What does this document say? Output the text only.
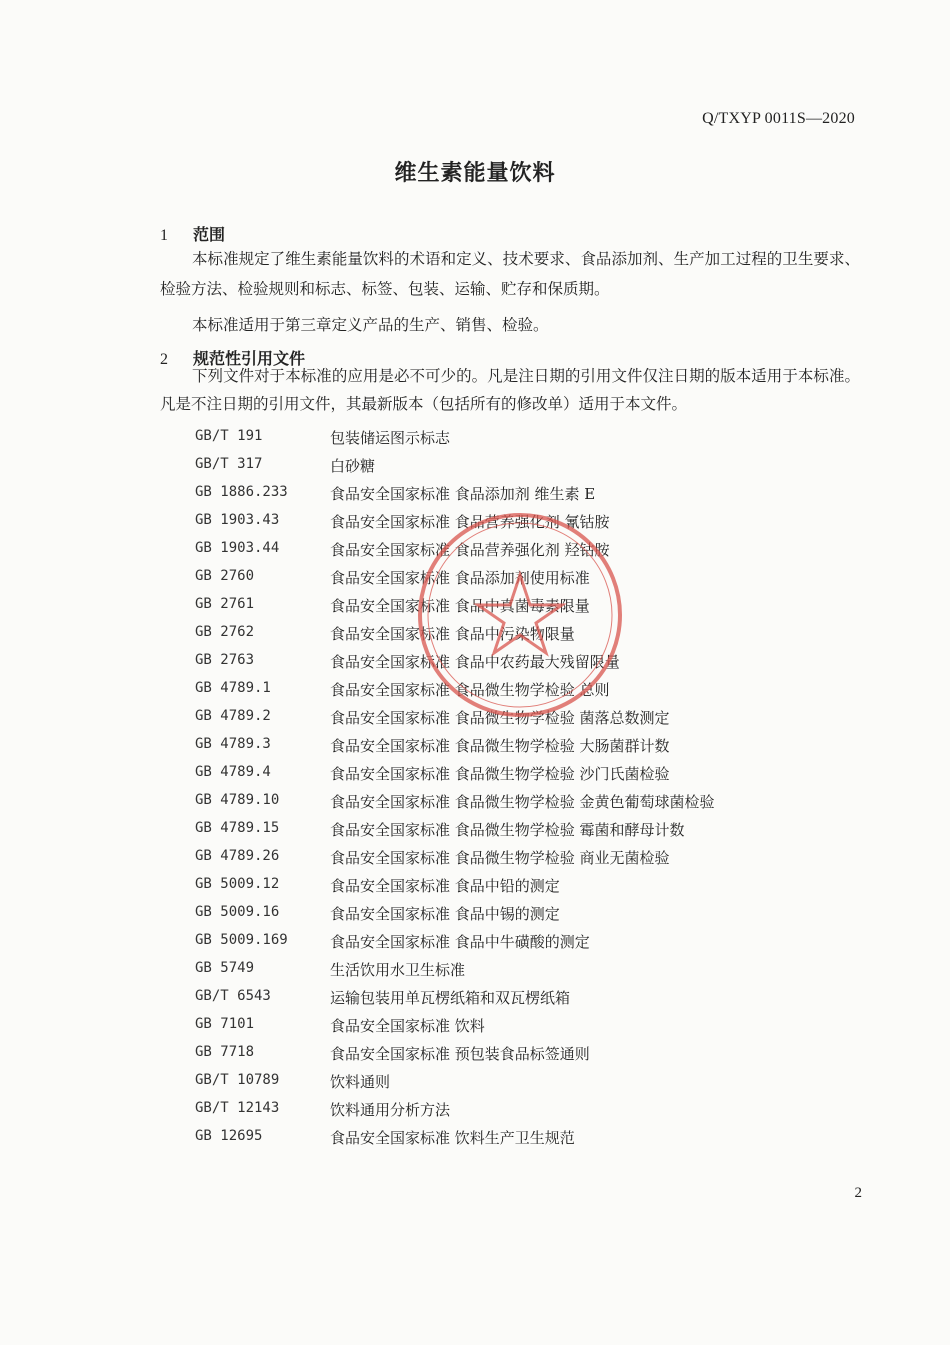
Q/TXYP 0011S—2020
维生素能量饮料
1 范围
本标准规定了维生素能量饮料的术语和定义、技术要求、食品添加剂、生产加工过程的卫生要求、检验方法、检验规则和标志、标签、包装、运输、贮存和保质期。
本标准适用于第三章定义产品的生产、销售、检验。
2 规范性引用文件
下列文件对于本标准的应用是必不可少的。凡是注日期的引用文件仅注日期的版本适用于本标准。凡是不注日期的引用文件，其最新版本（包括所有的修改单）适用于本文件。
GB/T 191	包装储运图示标志
GB/T 317	白砂糖
GB 1886.233	食品安全国家标准 食品添加剂 维生素 E
GB 1903.43	食品安全国家标准 食品营养强化剂 氰钴胺
GB 1903.44	食品安全国家标准 食品营养强化剂 羟钴胺
GB 2760	食品安全国家标准 食品添加剂使用标准
GB 2761	食品安全国家标准 食品中真菌毒素限量
GB 2762	食品安全国家标准 食品中污染物限量
GB 2763	食品安全国家标准 食品中农药最大残留限量
GB 4789.1	食品安全国家标准 食品微生物学检验 总则
GB 4789.2	食品安全国家标准 食品微生物学检验 菌落总数测定
GB 4789.3	食品安全国家标准 食品微生物学检验 大肠菌群计数
GB 4789.4	食品安全国家标准 食品微生物学检验 沙门氏菌检验
GB 4789.10	食品安全国家标准 食品微生物学检验 金黄色葡萄球菌检验
GB 4789.15	食品安全国家标准 食品微生物学检验 霉菌和酵母计数
GB 4789.26	食品安全国家标准 食品微生物学检验 商业无菌检验
GB 5009.12	食品安全国家标准 食品中铅的测定
GB 5009.16	食品安全国家标准 食品中锡的测定
GB 5009.169	食品安全国家标准 食品中牛磺酸的测定
GB 5749	生活饮用水卫生标准
GB/T 6543	运输包装用单瓦楞纸箱和双瓦楞纸箱
GB 7101	食品安全国家标准 饮料
GB 7718	食品安全国家标准 预包装食品标签通则
GB/T 10789	饮料通则
GB/T 12143	饮料通用分析方法
GB 12695	食品安全国家标准 饮料生产卫生规范
2
